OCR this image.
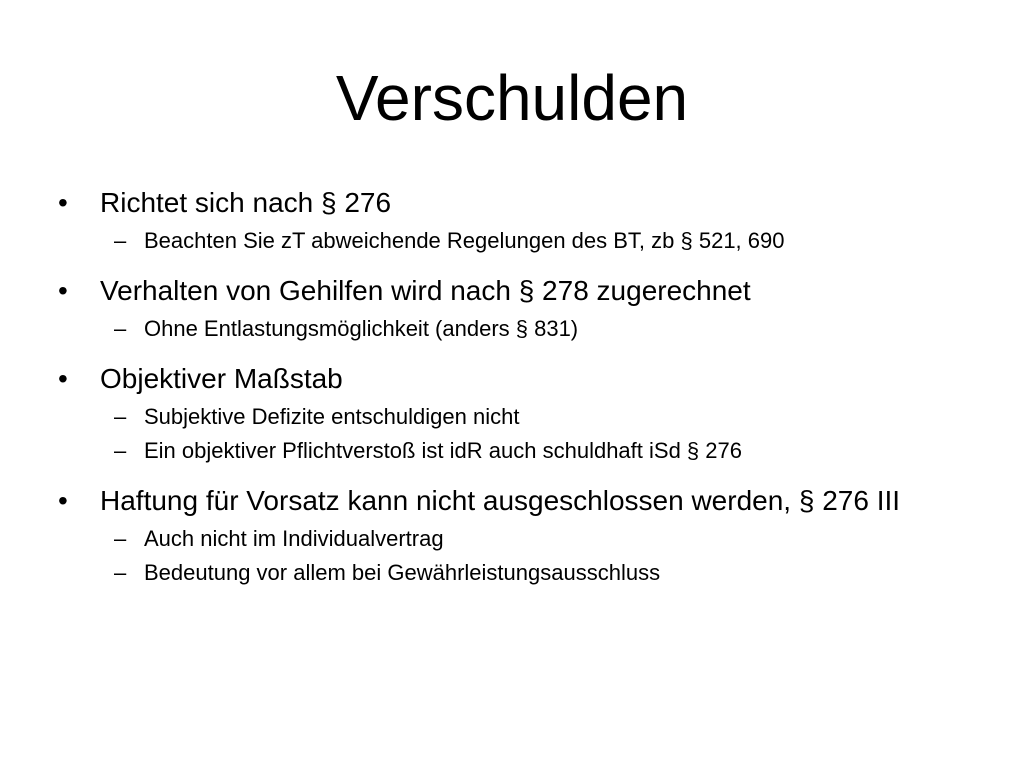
Verschulden
•	Richtet sich nach § 276
– Beachten Sie zT abweichende Regelungen des BT, zb § 521, 690
•	Verhalten von Gehilfen wird nach § 278 zugerechnet
– Ohne Entlastungsmöglichkeit (anders § 831)
•	Objektiver Maßstab
– Subjektive Defizite entschuldigen nicht
– Ein objektiver Pflichtverstoß ist idR auch schuldhaft iSd § 276
•	Haftung für Vorsatz kann nicht ausgeschlossen werden, § 276 III
– Auch nicht im Individualvertrag
– Bedeutung vor allem bei Gewährleistungsausschluss
